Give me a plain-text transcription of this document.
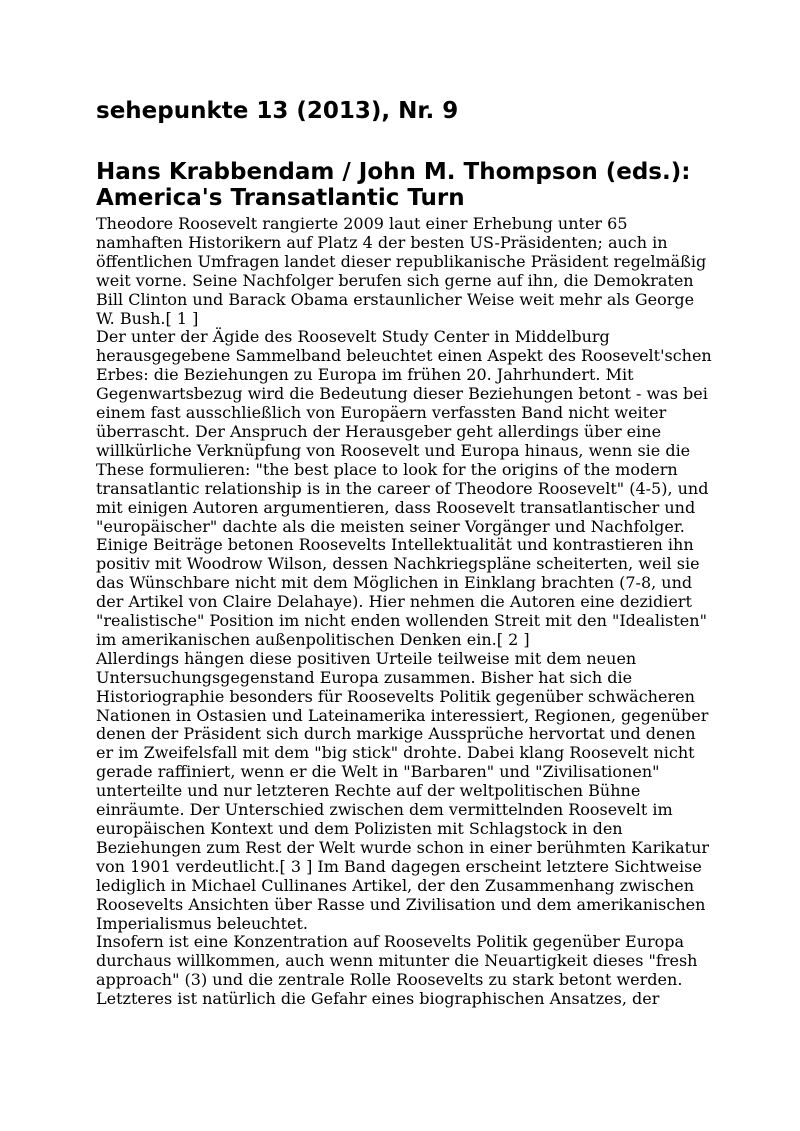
sehepunkte 13 (2013), Nr. 9
Hans Krabbendam / John M. Thompson (eds.): America's Transatlantic Turn

Theodore Roosevelt rangierte 2009 laut einer Erhebung unter 65 namhaften Historikern auf Platz 4 der besten US-Präsidenten; auch in öffentlichen Umfragen landet dieser republikanische Präsident regelmäßig weit vorne. Seine Nachfolger berufen sich gerne auf ihn, die Demokraten Bill Clinton und Barack Obama erstaunlicher Weise weit mehr als George W. Bush.[ 1 ]

Der unter der Ägide des Roosevelt Study Center in Middelburg herausgegebene Sammelband beleuchtet einen Aspekt des Roosevelt'schen Erbes: die Beziehungen zu Europa im frühen 20. Jahrhundert. Mit Gegenwartsbezug wird die Bedeutung dieser Beziehungen betont - was bei einem fast ausschließlich von Europäern verfassten Band nicht weiter überrascht. Der Anspruch der Herausgeber geht allerdings über eine willkürliche Verknüpfung von Roosevelt und Europa hinaus, wenn sie die These formulieren: "the best place to look for the origins of the modern transatlantic relationship is in the career of Theodore Roosevelt" (4-5), und mit einigen Autoren argumentieren, dass Roosevelt transatlantischer und "europäischer" dachte als die meisten seiner Vorgänger und Nachfolger. Einige Beiträge betonen Roosevelts Intellektualität und kontrastieren ihn positiv mit Woodrow Wilson, dessen Nachkriegspläne scheiterten, weil sie das Wünschbare nicht mit dem Möglichen in Einklang brachten (7-8, und der Artikel von Claire Delahaye). Hier nehmen die Autoren eine dezidiert "realistische" Position im nicht enden wollenden Streit mit den "Idealisten" im amerikanischen außenpolitischen Denken ein.[ 2 ]

Allerdings hängen diese positiven Urteile teilweise mit dem neuen Untersuchungsgegenstand Europa zusammen. Bisher hat sich die Historiographie besonders für Roosevelts Politik gegenüber schwächeren Nationen in Ostasien und Lateinamerika interessiert, Regionen, gegenüber denen der Präsident sich durch markige Aussprüche hervortat und denen er im Zweifelsfall mit dem "big stick" drohte. Dabei klang Roosevelt nicht gerade raffiniert, wenn er die Welt in "Barbaren" und "Zivilisationen" unterteilte und nur letzteren Rechte auf der weltpolitischen Bühne einräumte. Der Unterschied zwischen dem vermittelnden Roosevelt im europäischen Kontext und dem Polizisten mit Schlagstock in den Beziehungen zum Rest der Welt wurde schon in einer berühmten Karikatur von 1901 verdeutlicht.[ 3 ] Im Band dagegen erscheint letztere Sichtweise lediglich in Michael Cullinanes Artikel, der den Zusammenhang zwischen Roosevelts Ansichten über Rasse und Zivilisation und dem amerikanischen Imperialismus beleuchtet.

Insofern ist eine Konzentration auf Roosevelts Politik gegenüber Europa durchaus willkommen, auch wenn mitunter die Neuartigkeit dieses "fresh approach" (3) und die zentrale Rolle Roosevelts zu stark betont werden. Letzteres ist natürlich die Gefahr eines biographischen Ansatzes, der
